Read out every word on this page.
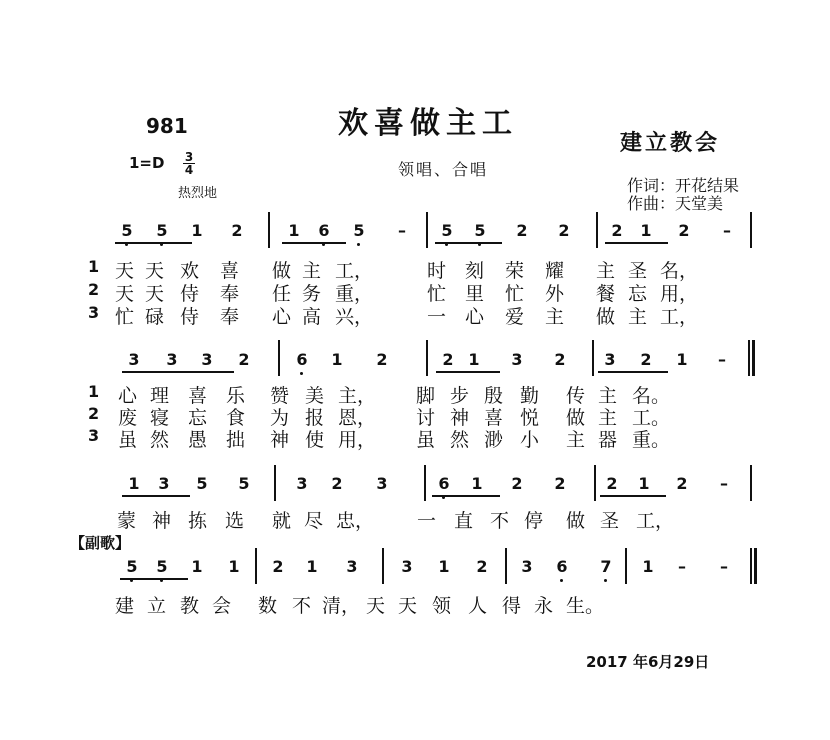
欢喜做主工
981
建立教会
1=D 3
4
热烈地
领唱、合唱
作词：开花结果
作曲：天堂美
5	5	1	2	1	6	5	–	5	5	2	2	2	1	2	–
1 天 天 欢 喜 做 主 工，	时 刻 荣 耀 主 圣 名，
2 天 天 侍 奉 任 务 重，	忙 里 忙 外 餐 忘 用，
3 忙 碌 侍 奉 心 高 兴，	一 心 爱 主 做 主 工，
3	3	3	2	6	1	2	2 1	3	2	3	2	1	–
1 心 理 喜 乐 赞 美 主， 脚 步 殷 勤 传 主 名。
2 废 寝 忘 食 为 报 恩， 讨 神 喜 悦 做 主 工。
3 虽 然 愚 拙 神 使 用， 虽 然 渺 小 主 器 重。
1	3	5	5	3	2	3	6	1	2	2	2	1	2	–
蒙 神 拣 选 就 尽 忠， 一 直 不 停 做 圣 工，
5	5	1	1	2	1	3	3	1	2	3	6	7	1	–	–
建 立 教 会 数 不 清， 天 天 领 人 得 永 生。
【副歌】
2017 年6月29日
